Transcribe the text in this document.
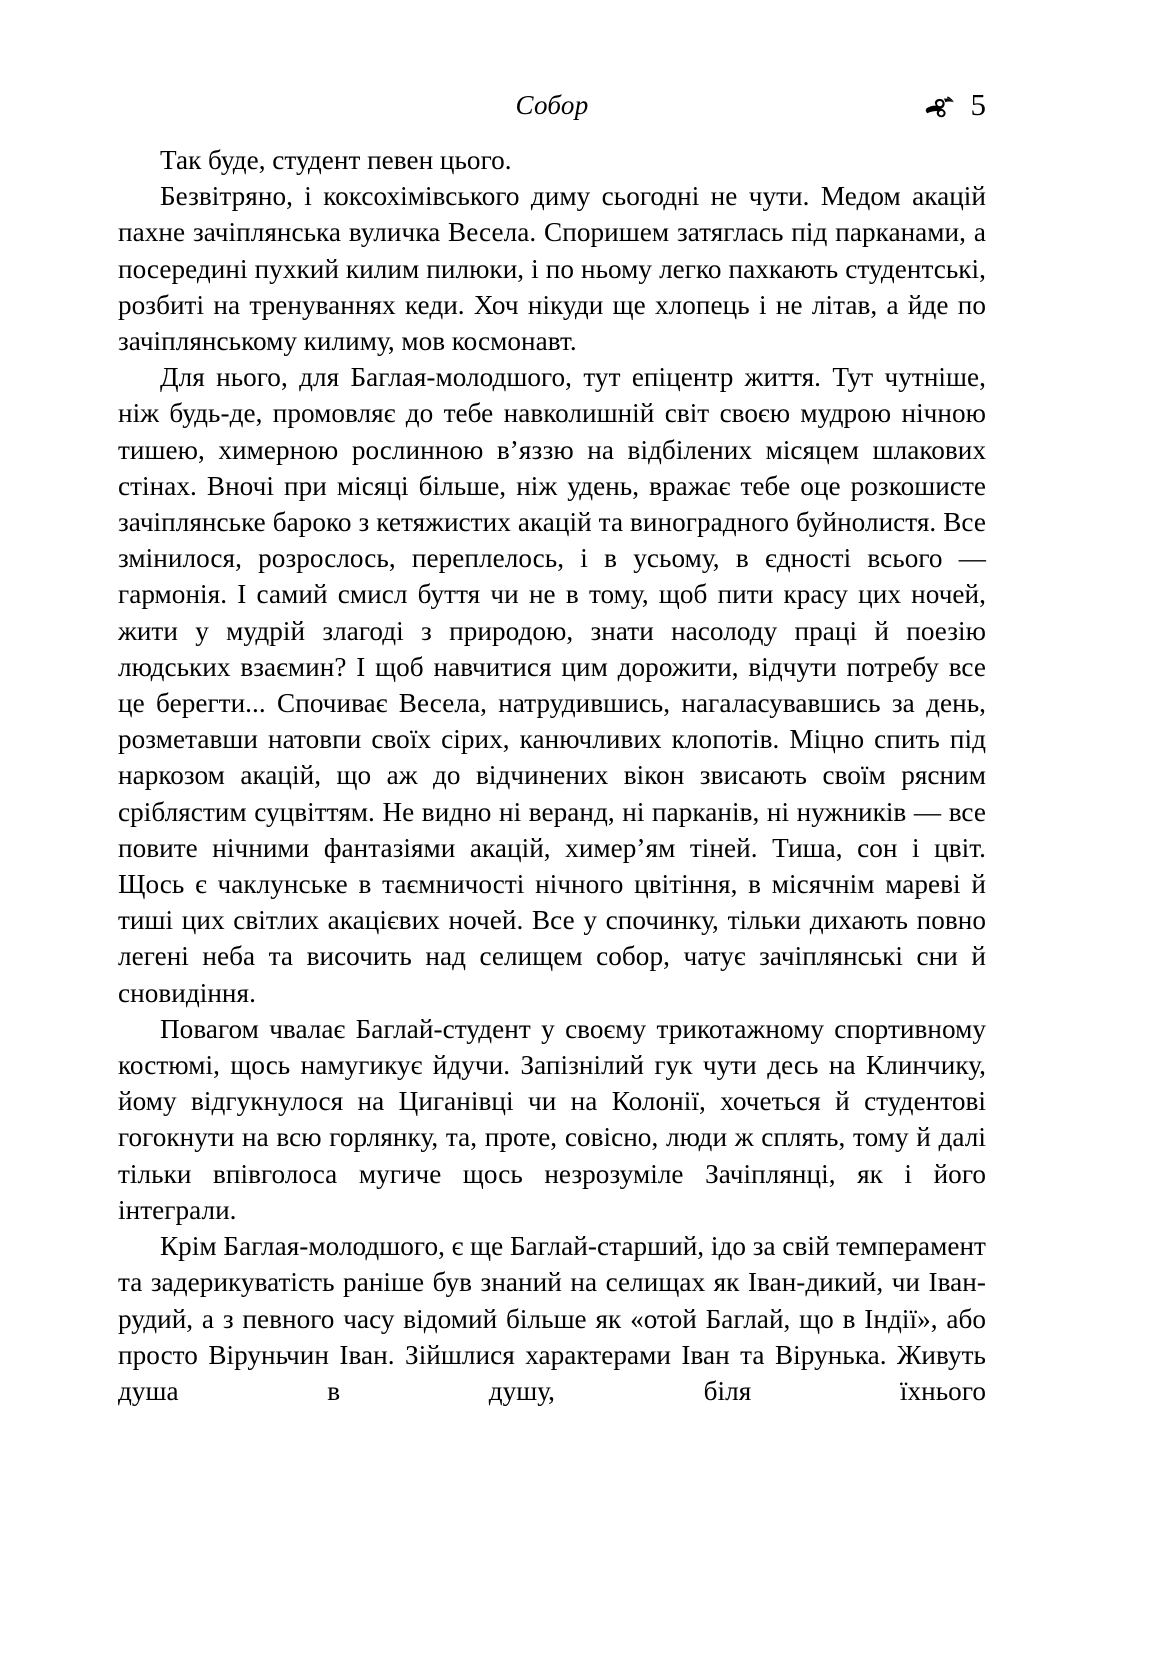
Собор	5

Так буде, студент певен цього.

Безвітряно, і коксохімівського диму сьогодні не чути. Медом акацій пахне зачіплянська вуличка Весела. Споришем затяглась під парканами, а посередині пухкий килим пилюки, і по ньому легко пахкають студентські, розбиті на тренуваннях кеди. Хоч нікуди ще хлопець і не літав, а йде по зачіплянському килиму, мов космонавт.

Для нього, для Баглая-молодшого, тут епіцентр життя. Тут чутніше, ніж будь-де, промовляє до тебе навколишній світ своєю мудрою нічною тишею, химерною рослинною в’яззю на відбілених місяцем шлакових стінах. Вночі при місяці більше, ніж удень, вражає тебе оце розкошисте зачіплянське бароко з кетяжистих акацій та виноградного буйнолистя. Все змінилося, розрослось, переплелось, і в усьому, в єдності всього — гармонія. І самий смисл буття чи не в тому, щоб пити красу цих ночей, жити у мудрій злагоді з природою, знати насолоду праці й поезію людських взаємин? І щоб навчитися цим дорожити, відчути потребу все це берегти... Спочиває Весела, натрудившись, нагаласувавшись за день, розметавши натовпи своїх сірих, канючливих клопотів. Міцно спить під наркозом акацій, що аж до відчинених вікон звисають своїм рясним сріблястим суцвіттям. Не видно ні веранд, ні парканів, ні нужників — все повите нічними фантазіями акацій, химер’ям тіней. Тиша, сон і цвіт. Щось є чаклунське в таємничості нічного цвітіння, в місячнім мареві й тиші цих світлих акацієвих ночей. Все у спочинку, тільки дихають повно легені неба та височить над селищем собор, чатує зачіплянські сни й сновидіння.

Повагом чвалає Баглай-студент у своєму трикотажному спортивному костюмі, щось намугикує йдучи. Запізнілий гук чути десь на Клинчику, йому відгукнулося на Циганівці чи на Колонії, хочеться й студентові гогокнути на всю горлянку, та, проте, совісно, люди ж сплять, тому й далі тільки впівголоса мугиче щось незрозуміле Зачіплянці, як і його інтеграли.

Крім Баглая-молодшого, є ще Баглай-старший, ідо за свій темперамент та задерикуватість раніше був знаний на селищах як Іван-дикий, чи Іван-рудий, а з певного часу відомий більше як «отой Баглай, що в Індії», або просто Віруньчин Іван. Зійшлися характерами Іван та Вірунька. Живуть душа в душу, біля їхнього
